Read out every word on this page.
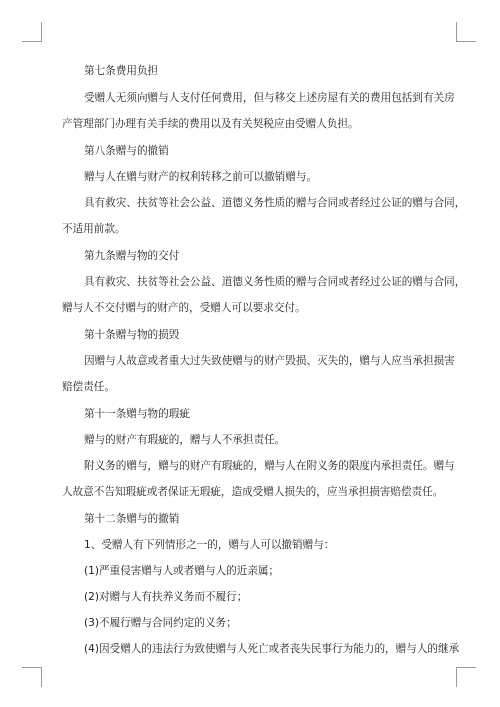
第七条费用负担
受赠人无须向赠与人支付任何费用，但与移交上述房屋有关的费用包括到有关房
产管理部门办理有关手续的费用以及有关契税应由受赠人负担。
第八条赠与的撤销
赠与人在赠与财产的权利转移之前可以撤销赠与。
具有救灾、扶贫等社会公益、道德义务性质的赠与合同或者经过公证的赠与合同，
不适用前款。
第九条赠与物的交付
具有救灾、扶贫等社会公益、道德义务性质的赠与合同或者经过公证的赠与合同，
赠与人不交付赠与的财产的，受赠人可以要求交付。
第十条赠与物的损毁
因赠与人故意或者重大过失致使赠与的财产毁损、灭失的，赠与人应当承担损害
赔偿责任。
第十一条赠与物的瑕疵
赠与的财产有瑕疵的，赠与人不承担责任。
附义务的赠与，赠与的财产有瑕疵的，赠与人在附义务的限度内承担责任。赠与
人故意不告知瑕疵或者保证无瑕疵，造成受赠人损失的，应当承担损害赔偿责任。
第十二条赠与的撤销
1、受赠人有下列情形之一的，赠与人可以撤销赠与：
(1)严重侵害赠与人或者赠与人的近亲属；
(2)对赠与人有扶养义务而不履行；
(3)不履行赠与合同约定的义务；
(4)因受赠人的违法行为致使赠与人死亡或者丧失民事行为能力的，赠与人的继承
